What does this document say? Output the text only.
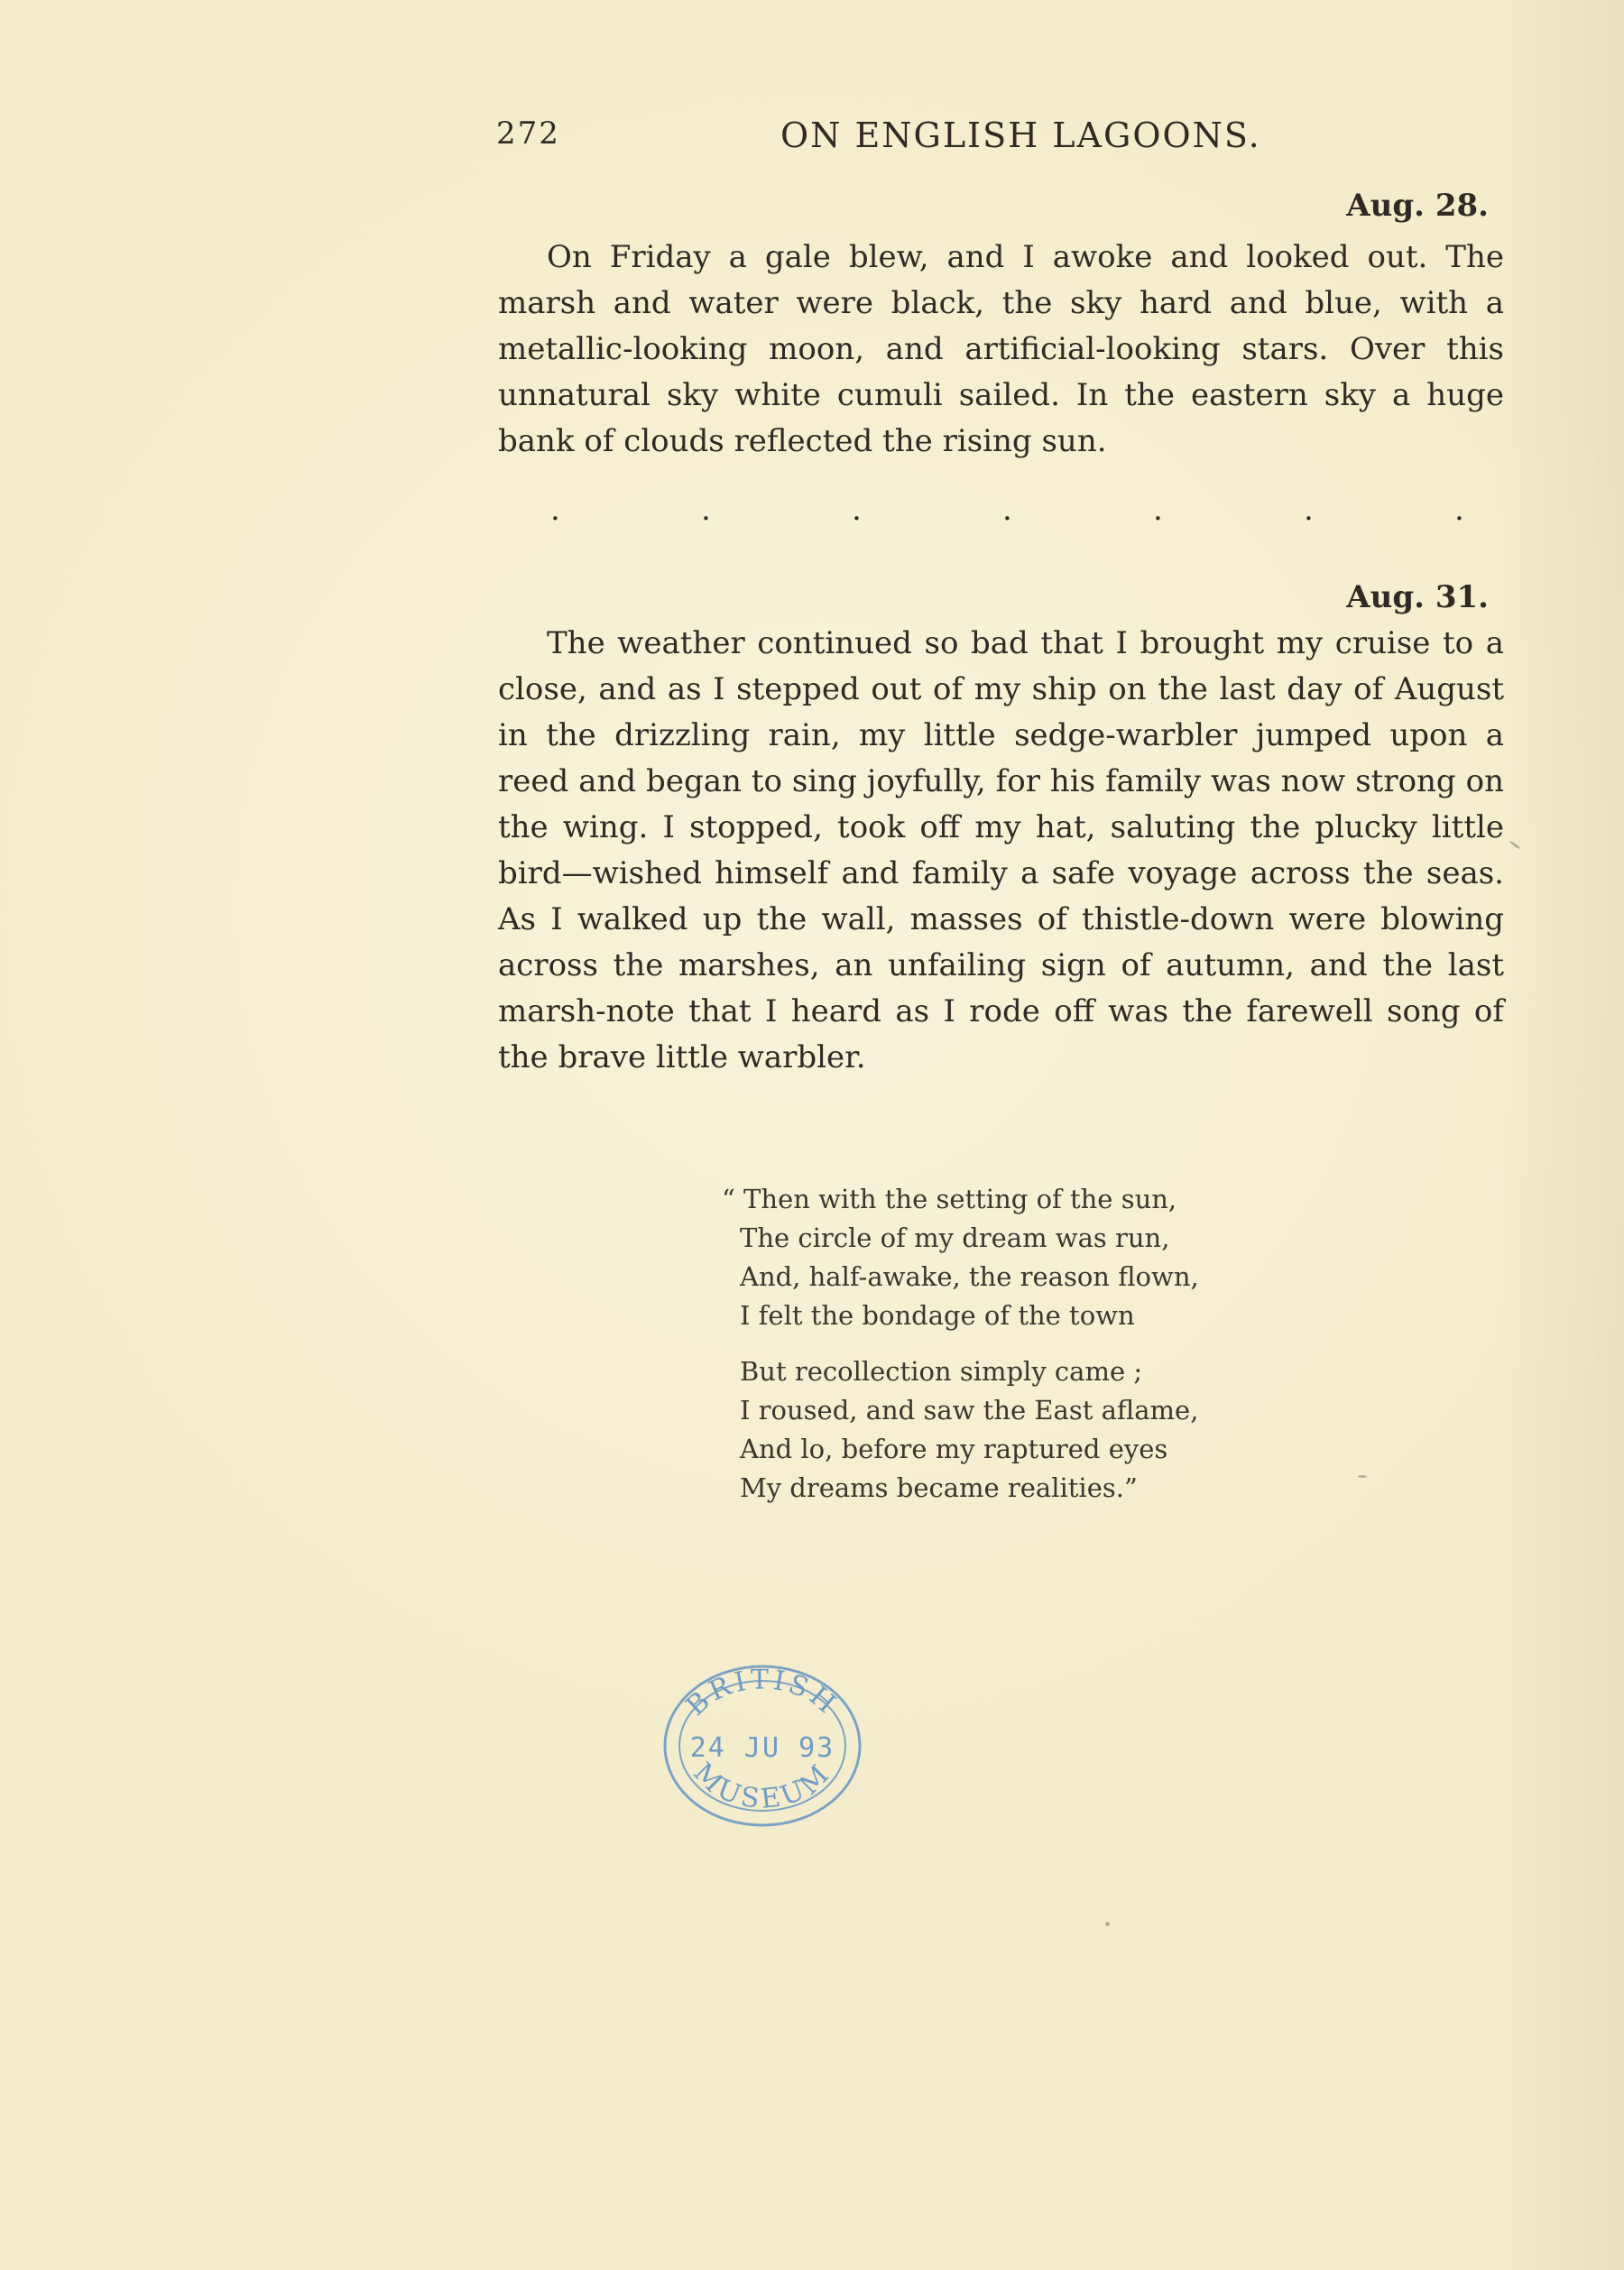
272	ON ENGLISH LAGOONS.
Aug. 28.

On Friday a gale blew, and I awoke and looked out. The marsh and water were black, the sky hard and blue, with a metallic-looking moon, and artificial-looking stars. Over this unnatural sky white cumuli sailed. In the eastern sky a huge bank of clouds reflected the rising sun.

.	.	.	.	.	.	.
Aug. 31.

The weather continued so bad that I brought my cruise to a close, and as I stepped out of my ship on the last day of August in the drizzling rain, my little sedge-warbler jumped upon a reed and began to sing joyfully, for his family was now strong on the wing. I stopped, took off my hat, saluting the plucky little bird—wished himself and family a safe voyage across the seas. As I walked up the wall, masses of thistle-down were blowing across the marshes, an unfailing sign of autumn, and the last marsh-note that I heard as I rode off was the farewell song of the brave little warbler.

“ Then with the setting of the sun,
The circle of my dream was run,
And, half-awake, the reason flown,
I felt the bondage of the town
But recollection simply came ;
I roused, and saw the East aflame,
And lo, before my raptured eyes
My dreams became realities.”
BRITISH
24 JU 93
MUSEUM
